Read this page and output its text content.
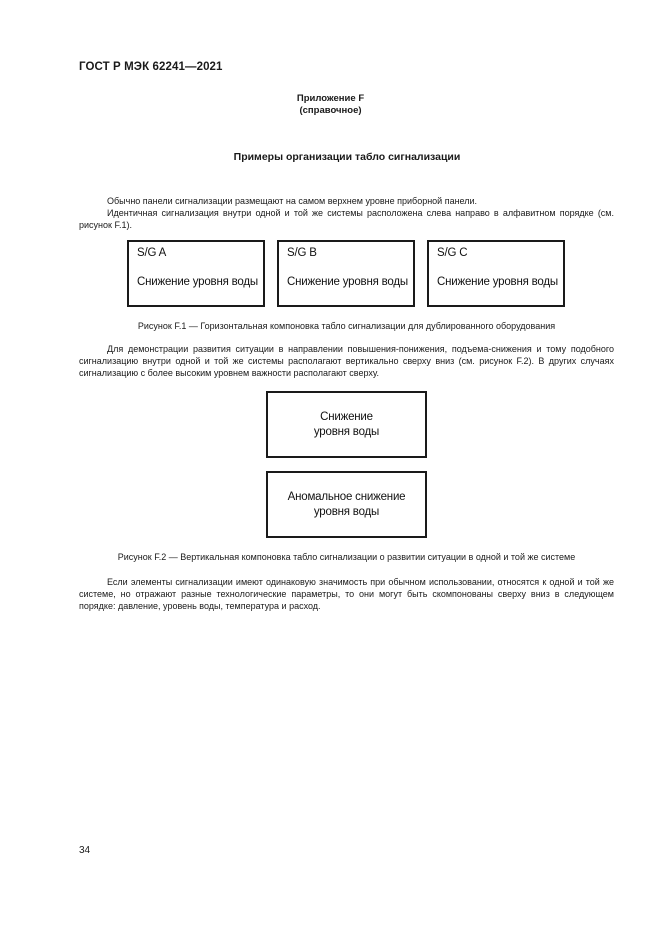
ГОСТ Р МЭК 62241—2021
Приложение F
(справочное)
Примеры организации табло сигнализации

Обычно панели сигнализации размещают на самом верхнем уровне приборной панели.

Идентичная сигнализация внутри одной и той же системы расположена слева направо в алфавитном порядке (см. рисунок F.1).

S/G A
Снижение уровня воды
S/G B
Снижение уровня воды
S/G C
Снижение уровня воды
Рисунок F.1 — Горизонтальная компоновка табло сигнализации для дублированного оборудования

Для демонстрации развития ситуации в направлении повышения-понижения, подъема-снижения и тому подобного сигнализацию внутри одной и той же системы располагают вертикально сверху вниз (см. рисунок F.2). В других случаях сигнализацию с более высоким уровнем важности располагают сверху.

Снижение
уровня воды
Аномальное снижение
уровня воды
Рисунок F.2 — Вертикальная компоновка табло сигнализации о развитии ситуации в одной и той же системе

Если элементы сигнализации имеют одинаковую значимость при обычном использовании, относятся к одной и той же системе, но отражают разные технологические параметры, то они могут быть скомпонованы сверху вниз в следующем порядке: давление, уровень воды, температура и расход.

34
